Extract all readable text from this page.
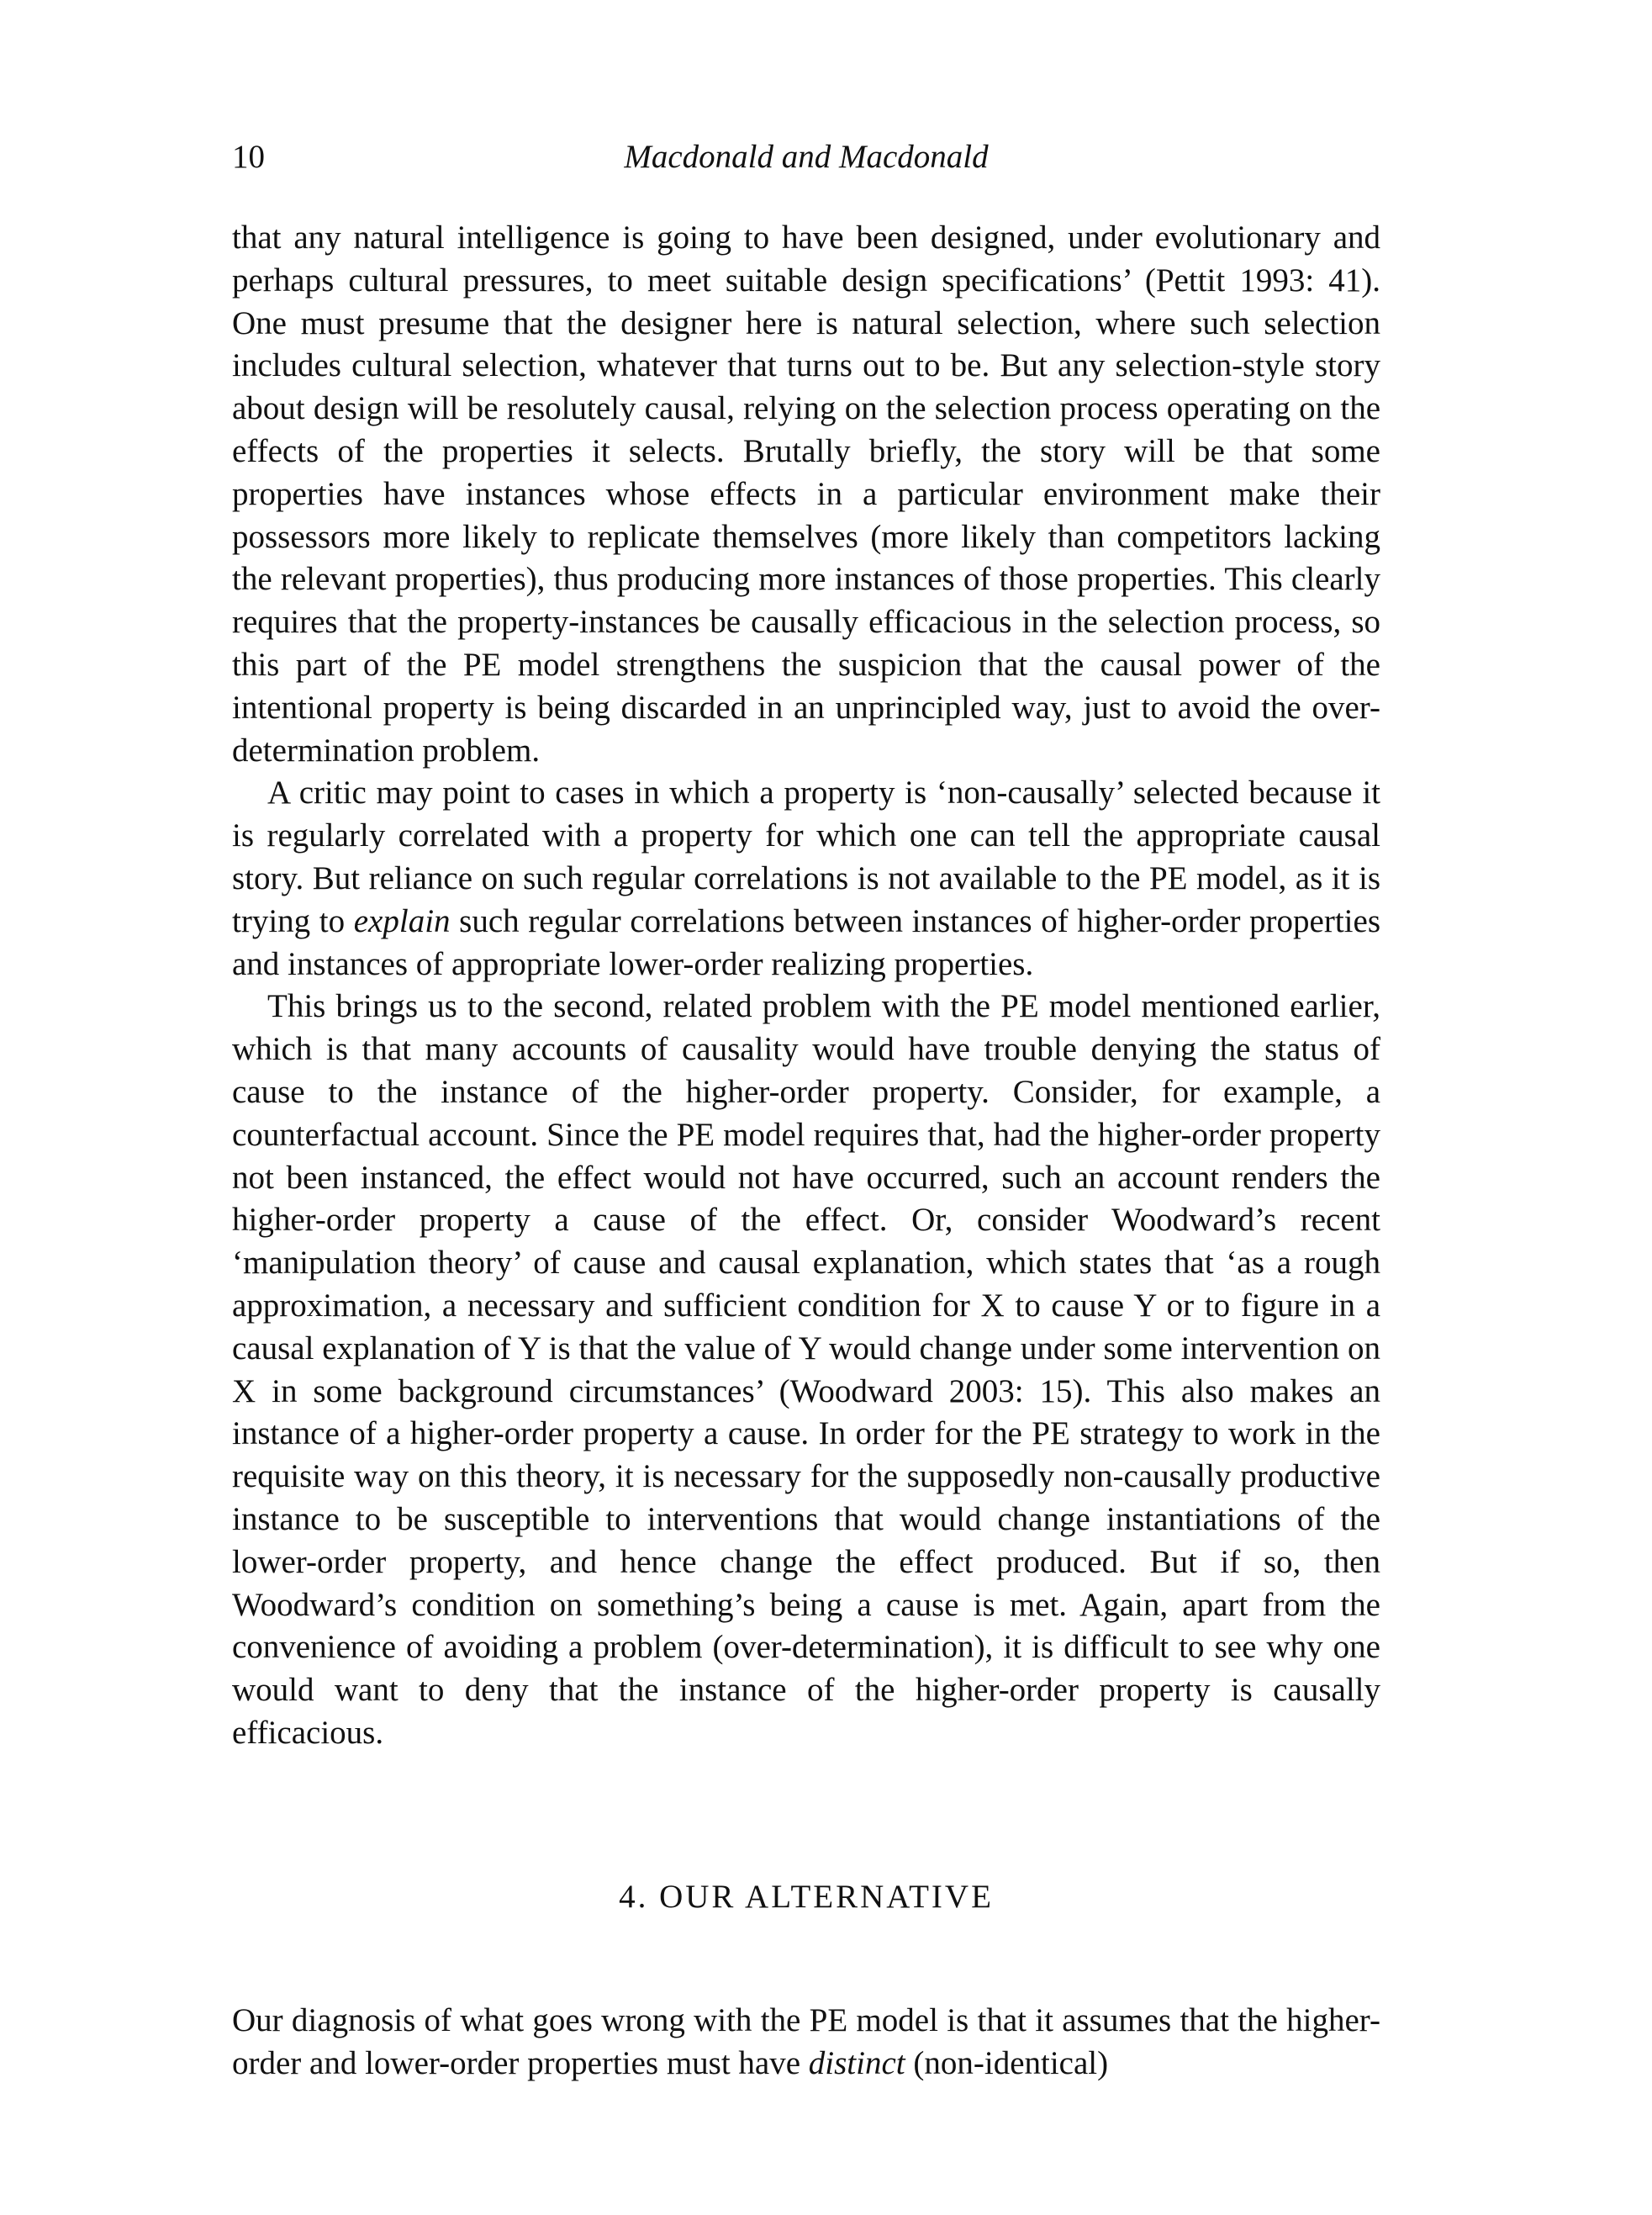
10	Macdonald and Macdonald

that any natural intelligence is going to have been designed, under evolutionary and perhaps cultural pressures, to meet suitable design specifications’ (Pettit 1993: 41). One must presume that the designer here is natural selection, where such selection includes cultural selection, whatever that turns out to be. But any selection-style story about design will be resolutely causal, relying on the selection process operating on the effects of the properties it selects. Brutally briefly, the story will be that some properties have instances whose effects in a particular environment make their possessors more likely to replicate themselves (more likely than competitors lacking the relevant properties), thus producing more instances of those properties. This clearly requires that the property-instances be causally efficacious in the selection process, so this part of the PE model strengthens the suspicion that the causal power of the intentional property is being discarded in an unprincipled way, just to avoid the over-determination problem.

A critic may point to cases in which a property is ‘non-causally’ selected because it is regularly correlated with a property for which one can tell the appropriate causal story. But reliance on such regular correlations is not available to the PE model, as it is trying to explain such regular correlations between instances of higher-order properties and instances of appropriate lower-order realizing properties.

This brings us to the second, related problem with the PE model mentioned earlier, which is that many accounts of causality would have trouble denying the status of cause to the instance of the higher-order property. Consider, for example, a counterfactual account. Since the PE model requires that, had the higher-order property not been instanced, the effect would not have occurred, such an account renders the higher-order property a cause of the effect. Or, consider Woodward’s recent ‘manipulation theory’ of cause and causal explanation, which states that ‘as a rough approximation, a necessary and sufficient condition for X to cause Y or to figure in a causal explanation of Y is that the value of Y would change under some intervention on X in some background circumstances’ (Woodward 2003: 15). This also makes an instance of a higher-order property a cause. In order for the PE strategy to work in the requisite way on this theory, it is necessary for the supposedly non-causally productive instance to be susceptible to interventions that would change instantiations of the lower-order property, and hence change the effect produced. But if so, then Woodward’s condition on something’s being a cause is met. Again, apart from the convenience of avoiding a problem (over-determination), it is difficult to see why one would want to deny that the instance of the higher-order property is causally efficacious.

4. OUR ALTERNATIVE

Our diagnosis of what goes wrong with the PE model is that it assumes that the higher-order and lower-order properties must have distinct (non-identical)
